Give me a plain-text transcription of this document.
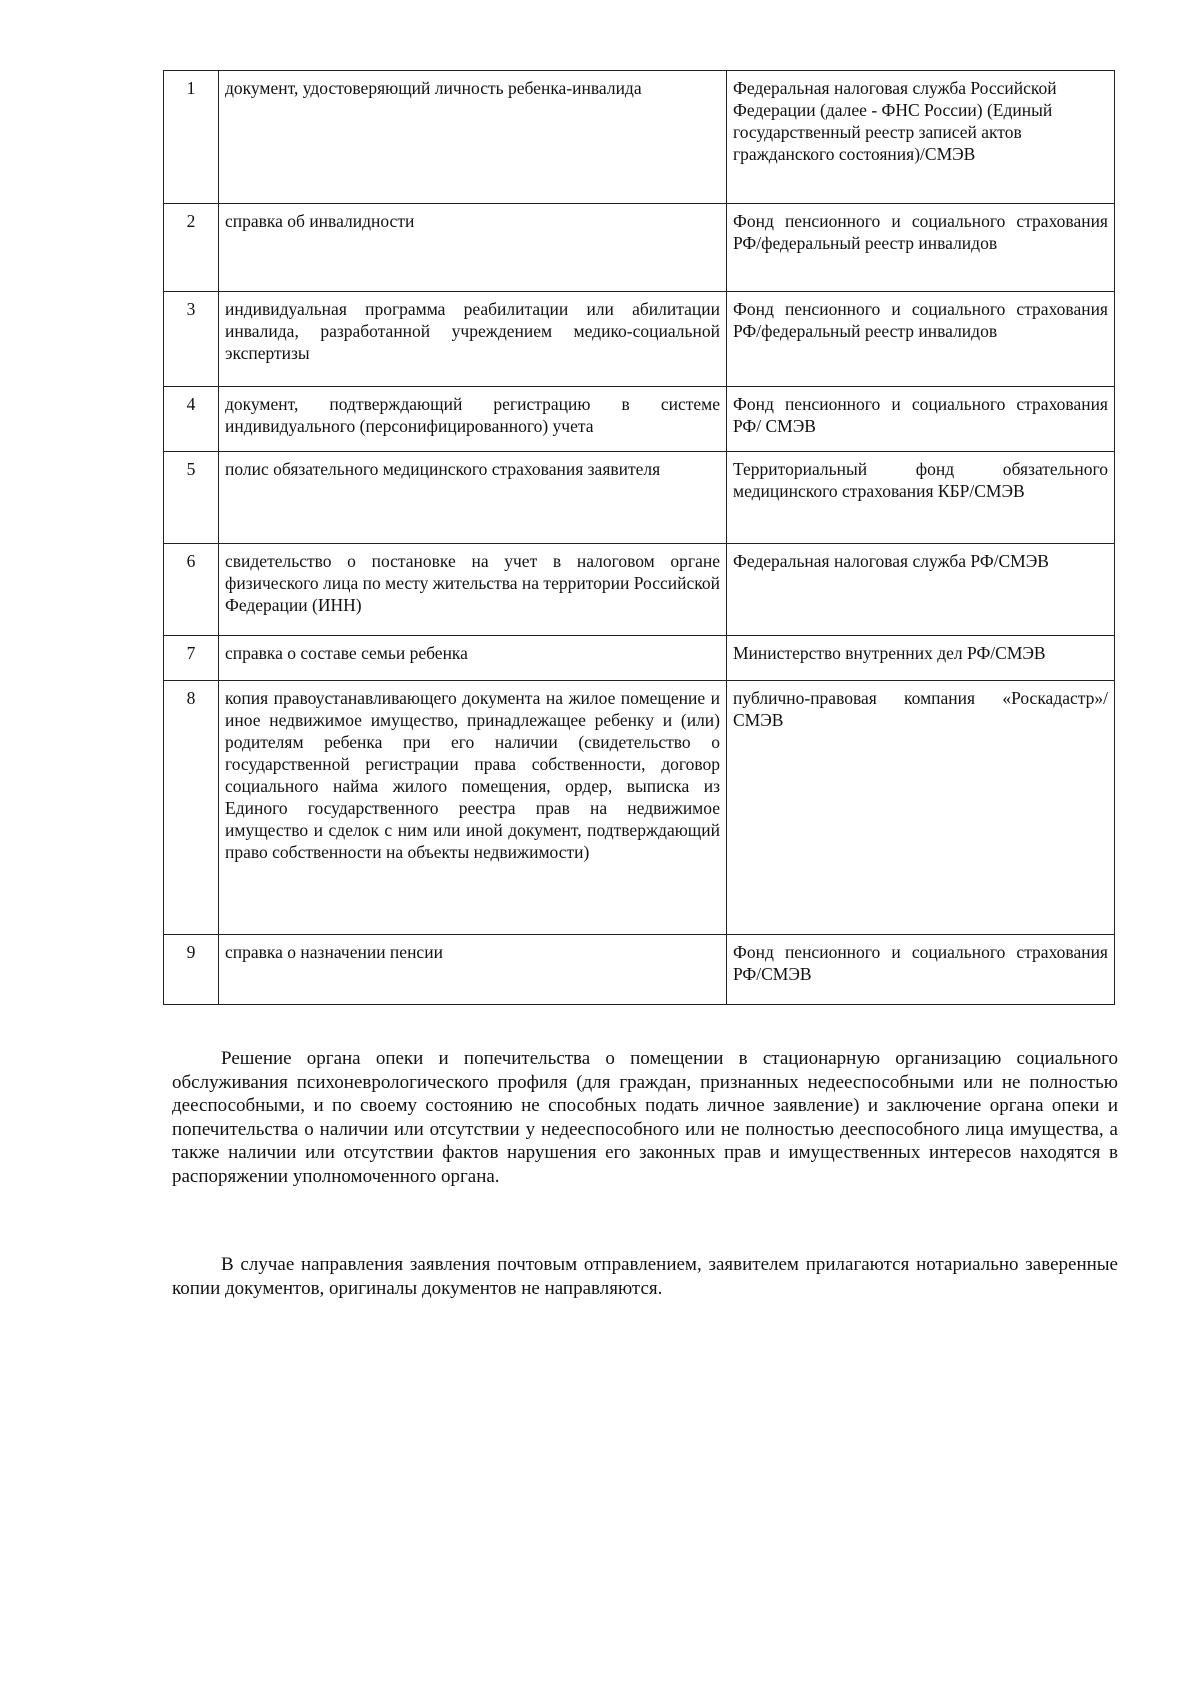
1	документ, удостоверяющий личность ребенка-инвалида	Федеральная налоговая служба Российской Федерации (далее - ФНС России) (Единый государственный реестр записей актов гражданского состояния)/СМЭВ
2	справка об инвалидности	Фонд пенсионного и социального страхования РФ/федеральный реестр инвалидов
3	индивидуальная программа реабилитации или абилитации инвалида, разработанной учреждением медико-социальной экспертизы	Фонд пенсионного и социального страхования РФ/федеральный реестр инвалидов
4	документ, подтверждающий регистрацию в системе индивидуального (персонифицированного) учета	Фонд пенсионного и социального страхования РФ/ СМЭВ
5	полис обязательного медицинского страхования заявителя	Территориальный фонд обязательного медицинского страхования КБР/СМЭВ
6	свидетельство о постановке на учет в налоговом органе физического лица по месту жительства на территории Российской Федерации (ИНН)	Федеральная налоговая служба РФ/СМЭВ
7	справка о составе семьи ребенка	Министерство внутренних дел РФ/СМЭВ
8	копия правоустанавливающего документа на жилое помещение и иное недвижимое имущество, принадлежащее ребенку и (или) родителям ребенка при его наличии (свидетельство о государственной регистрации права собственности, договор социального найма жилого помещения, ордер, выписка из Единого государственного реестра прав на недвижимое имущество и сделок с ним или иной документ, подтверждающий право собственности на объекты недвижимости)	публично-правовая компания «Роскадастр»/СМЭВ
9	справка о назначении пенсии	Фонд пенсионного и социального страхования РФ/СМЭВ

Решение органа опеки и попечительства о помещении в стационарную организацию социального обслуживания психоневрологического профиля (для граждан, признанных недееспособными или не полностью дееспособными, и по своему состоянию не способных подать личное заявление) и заключение органа опеки и попечительства о наличии или отсутствии у недееспособного или не полностью дееспособного лица имущества, а также наличии или отсутствии фактов нарушения его законных прав и имущественных интересов находятся в распоряжении уполномоченного органа.

В случае направления заявления почтовым отправлением, заявителем прилагаются нотариально заверенные копии документов, оригиналы документов не направляются.
